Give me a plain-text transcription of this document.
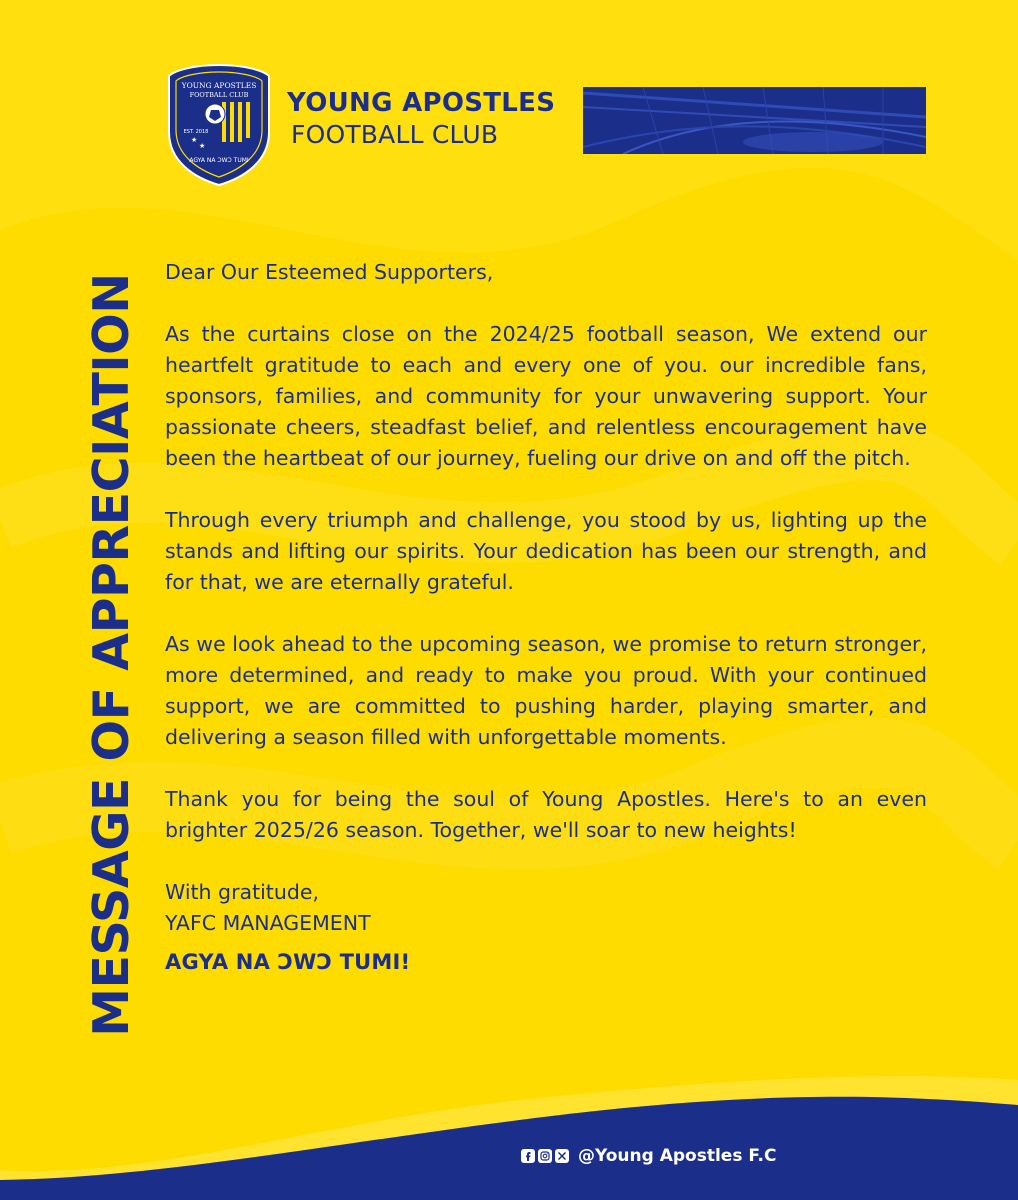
YOUNG APOSTLES
FOOTBALL CLUB
EST. 2018
★
★
AGYA NA ƆWƆ TUMI
YOUNG APOSTLES
FOOTBALL CLUB
MESSAGE OF APPRECIATION

Dear Our Esteemed Supporters,

As the curtains close on the 2024/25 football season, We extend our heartfelt gratitude to each and every one of you. our incredible fans, sponsors, families, and community for your unwavering support. Your passionate cheers, steadfast belief, and relentless encouragement have been the heartbeat of our journey, fueling our drive on and off the pitch.

Through every triumph and challenge, you stood by us, lighting up the stands and lifting our spirits. Your dedication has been our strength, and for that, we are eternally grateful.

As we look ahead to the upcoming season, we promise to return stronger, more determined, and ready to make you proud. With your continued support, we are committed to pushing harder, playing smarter, and delivering a season filled with unforgettable moments.

Thank you for being the soul of Young Apostles. Here's to an even brighter 2025/26 season. Together, we'll soar to new heights!

With gratitude,

YAFC MANAGEMENT

AGYA NA ƆWƆ TUMI!

@Young Apostles F.C
